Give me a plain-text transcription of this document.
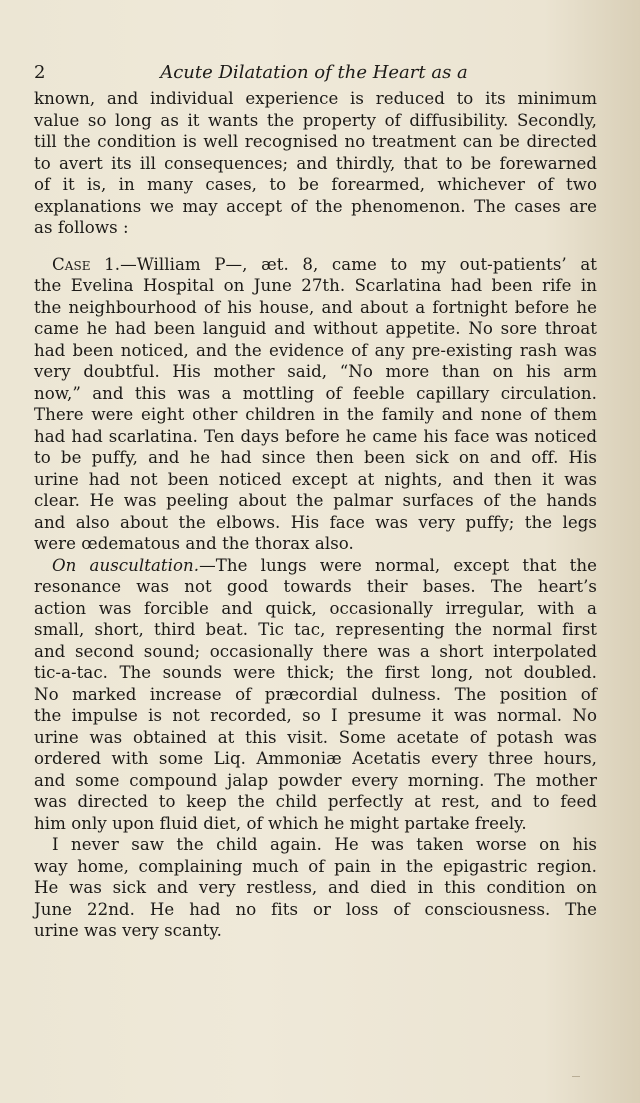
2	Acute Dilatation of the Heart as a
known, and individual experience is reduced to its minimum
value so long as it wants the property of diffusibility. Secondly,
till the condition is well recognised no treatment can be directed
to avert its ill consequences; and thirdly, that to be forewarned
of it is, in many cases, to be forearmed, whichever of two
explanations we may accept of the phenomenon. The cases are
as follows :
Case 1.—William P—, æt. 8, came to my out-patients’ at
the Evelina Hospital on June 27th. Scarlatina had been rife in
the neighbourhood of his house, and about a fortnight before he
came he had been languid and without appetite. No sore throat
had been noticed, and the evidence of any pre-existing rash was
very doubtful. His mother said, “No more than on his arm
now,” and this was a mottling of feeble capillary circulation.
There were eight other children in the family and none of them
had had scarlatina. Ten days before he came his face was noticed
to be puffy, and he had since then been sick on and off. His
urine had not been noticed except at nights, and then it was
clear. He was peeling about the palmar surfaces of the hands
and also about the elbows. His face was very puffy; the legs
were œdematous and the thorax also.
On auscultation.—The lungs were normal, except that the
resonance was not good towards their bases. The heart’s
action was forcible and quick, occasionally irregular, with a
small, short, third beat. Tic tac, representing the normal first
and second sound; occasionally there was a short interpolated
tic-a-tac. The sounds were thick; the first long, not doubled.
No marked increase of præcordial dulness. The position of
the impulse is not recorded, so I presume it was normal. No
urine was obtained at this visit. Some acetate of potash was
ordered with some Liq. Ammoniæ Acetatis every three hours,
and some compound jalap powder every morning. The mother
was directed to keep the child perfectly at rest, and to feed
him only upon fluid diet, of which he might partake freely.
I never saw the child again. He was taken worse on his
way home, complaining much of pain in the epigastric region.
He was sick and very restless, and died in this condition on
June 22nd. He had no fits or loss of consciousness. The
urine was very scanty.
